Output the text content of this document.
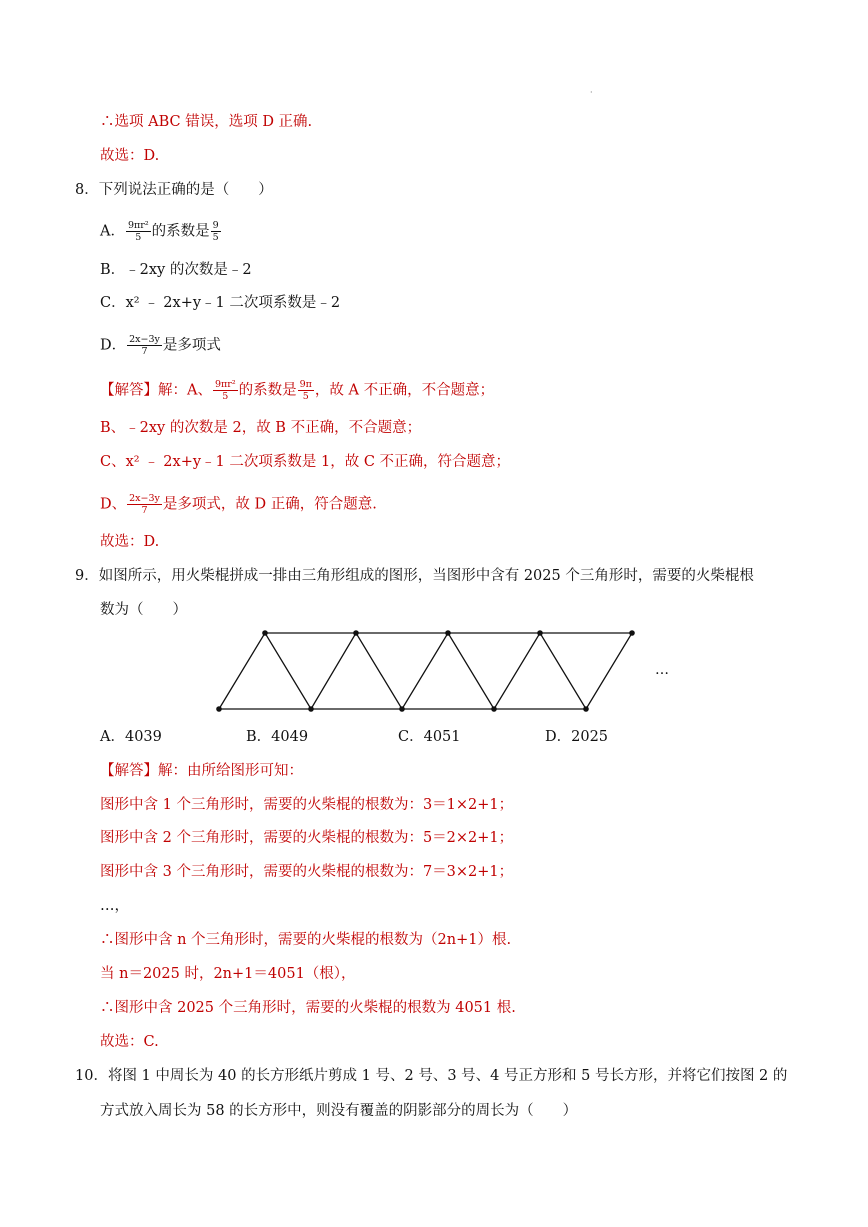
·
∴选项 ABC 错误，选项 D 正确.
故选：D.
8．下列说法正确的是（　　）
A． $\frac{\text{9πr²}}{5}$ 的系数是 $\frac{9}{5}$
B．﹣2xy 的次数是﹣2
C．x² ﹣ 2x+y﹣1 二次项系数是﹣2
D． $\frac{2x-3y}{7}$ 是多项式
【解答】解：A、 $\frac{\text{9πr²}}{5}$ 的系数是 $\frac{9\pi}{5}$ ，故 A 不正确，不合题意；
B、﹣2xy 的次数是 2，故 B 不正确，不合题意；
C、x² ﹣ 2x+y﹣1 二次项系数是 1，故 C 不正确，符合题意；
D、 $\frac{2x-3y}{7}$ 是多项式，故 D 正确，符合题意.
故选：D.
9．如图所示，用火柴棍拼成一排由三角形组成的图形，当图形中含有 2025 个三角形时，需要的火柴棍根
数为（　　）
…
A．4039	B．4049	C．4051	D．2025
【解答】解：由所给图形可知：
图形中含 1 个三角形时，需要的火柴棍的根数为：3＝1×2+1；
图形中含 2 个三角形时，需要的火柴棍的根数为：5＝2×2+1；
图形中含 3 个三角形时，需要的火柴棍的根数为：7＝3×2+1；
…，
∴图形中含 n 个三角形时，需要的火柴棍的根数为（2n+1）根.
当 n＝2025 时，2n+1＝4051（根），
∴图形中含 2025 个三角形时，需要的火柴棍的根数为 4051 根.
故选：C.
10．将图 1 中周长为 40 的长方形纸片剪成 1 号、2 号、3 号、4 号正方形和 5 号长方形，并将它们按图 2 的
方式放入周长为 58 的长方形中，则没有覆盖的阴影部分的周长为（　　）
